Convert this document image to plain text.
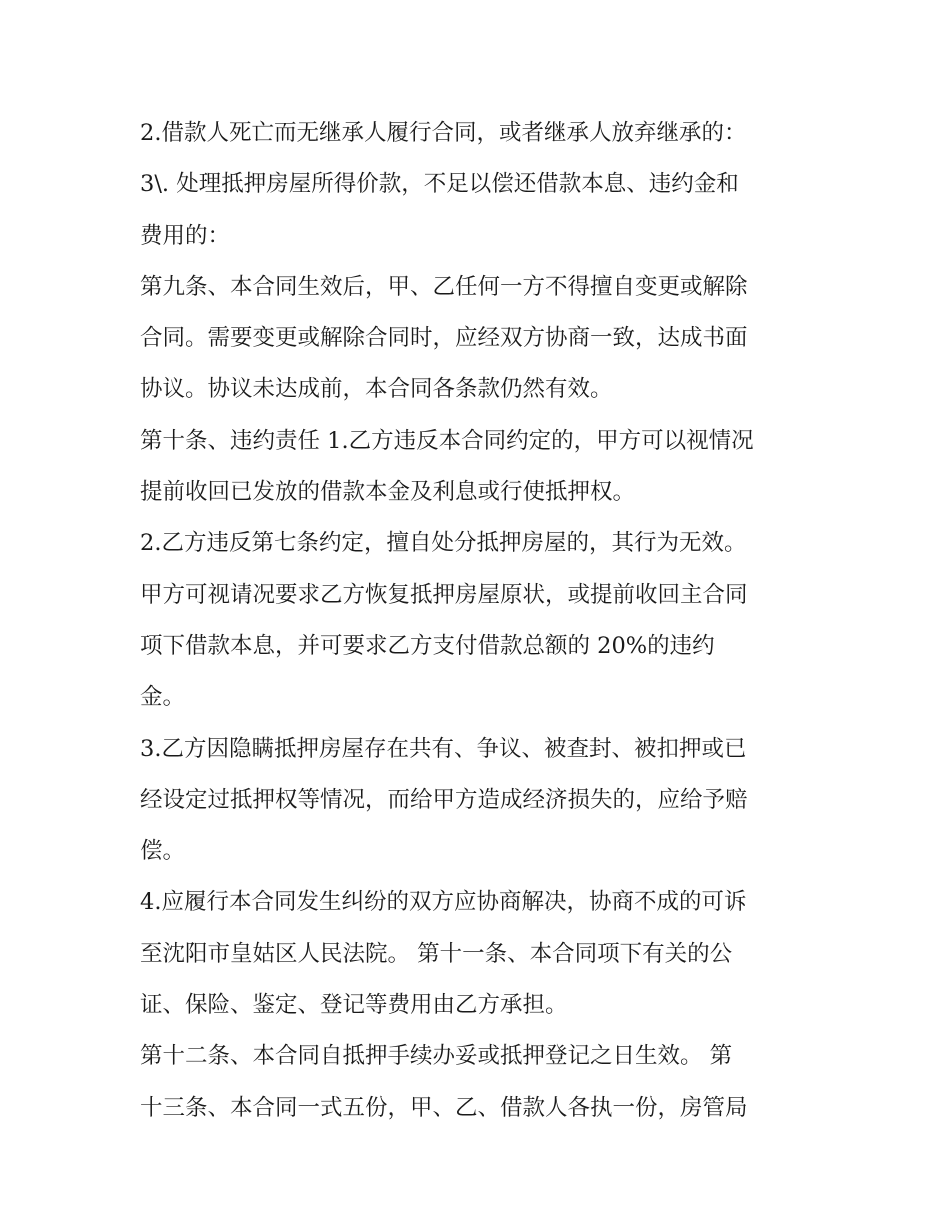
2.借款人死亡而无继承人履行合同，或者继承人放弃继承的：
3\. 处理抵押房屋所得价款，不足以偿还借款本息、违约金和
费用的：
第九条、本合同生效后，甲、乙任何一方不得擅自变更或解除
合同。需要变更或解除合同时，应经双方协商一致，达成书面
协议。协议未达成前，本合同各条款仍然有效。
第十条、违约责任 1.乙方违反本合同约定的，甲方可以视情况
提前收回已发放的借款本金及利息或行使抵押权。
2.乙方违反第七条约定，擅自处分抵押房屋的，其行为无效。
甲方可视请况要求乙方恢复抵押房屋原状，或提前收回主合同
项下借款本息，并可要求乙方支付借款总额的 20%的违约
金。
3.乙方因隐瞒抵押房屋存在共有、争议、被查封、被扣押或已
经设定过抵押权等情况，而给甲方造成经济损失的，应给予赔
偿。
4.应履行本合同发生纠纷的双方应协商解决，协商不成的可诉
至沈阳市皇姑区人民法院。 第十一条、本合同项下有关的公
证、保险、鉴定、登记等费用由乙方承担。
第十二条、本合同自抵押手续办妥或抵押登记之日生效。 第
十三条、本合同一式五份，甲、乙、借款人各执一份，房管局
